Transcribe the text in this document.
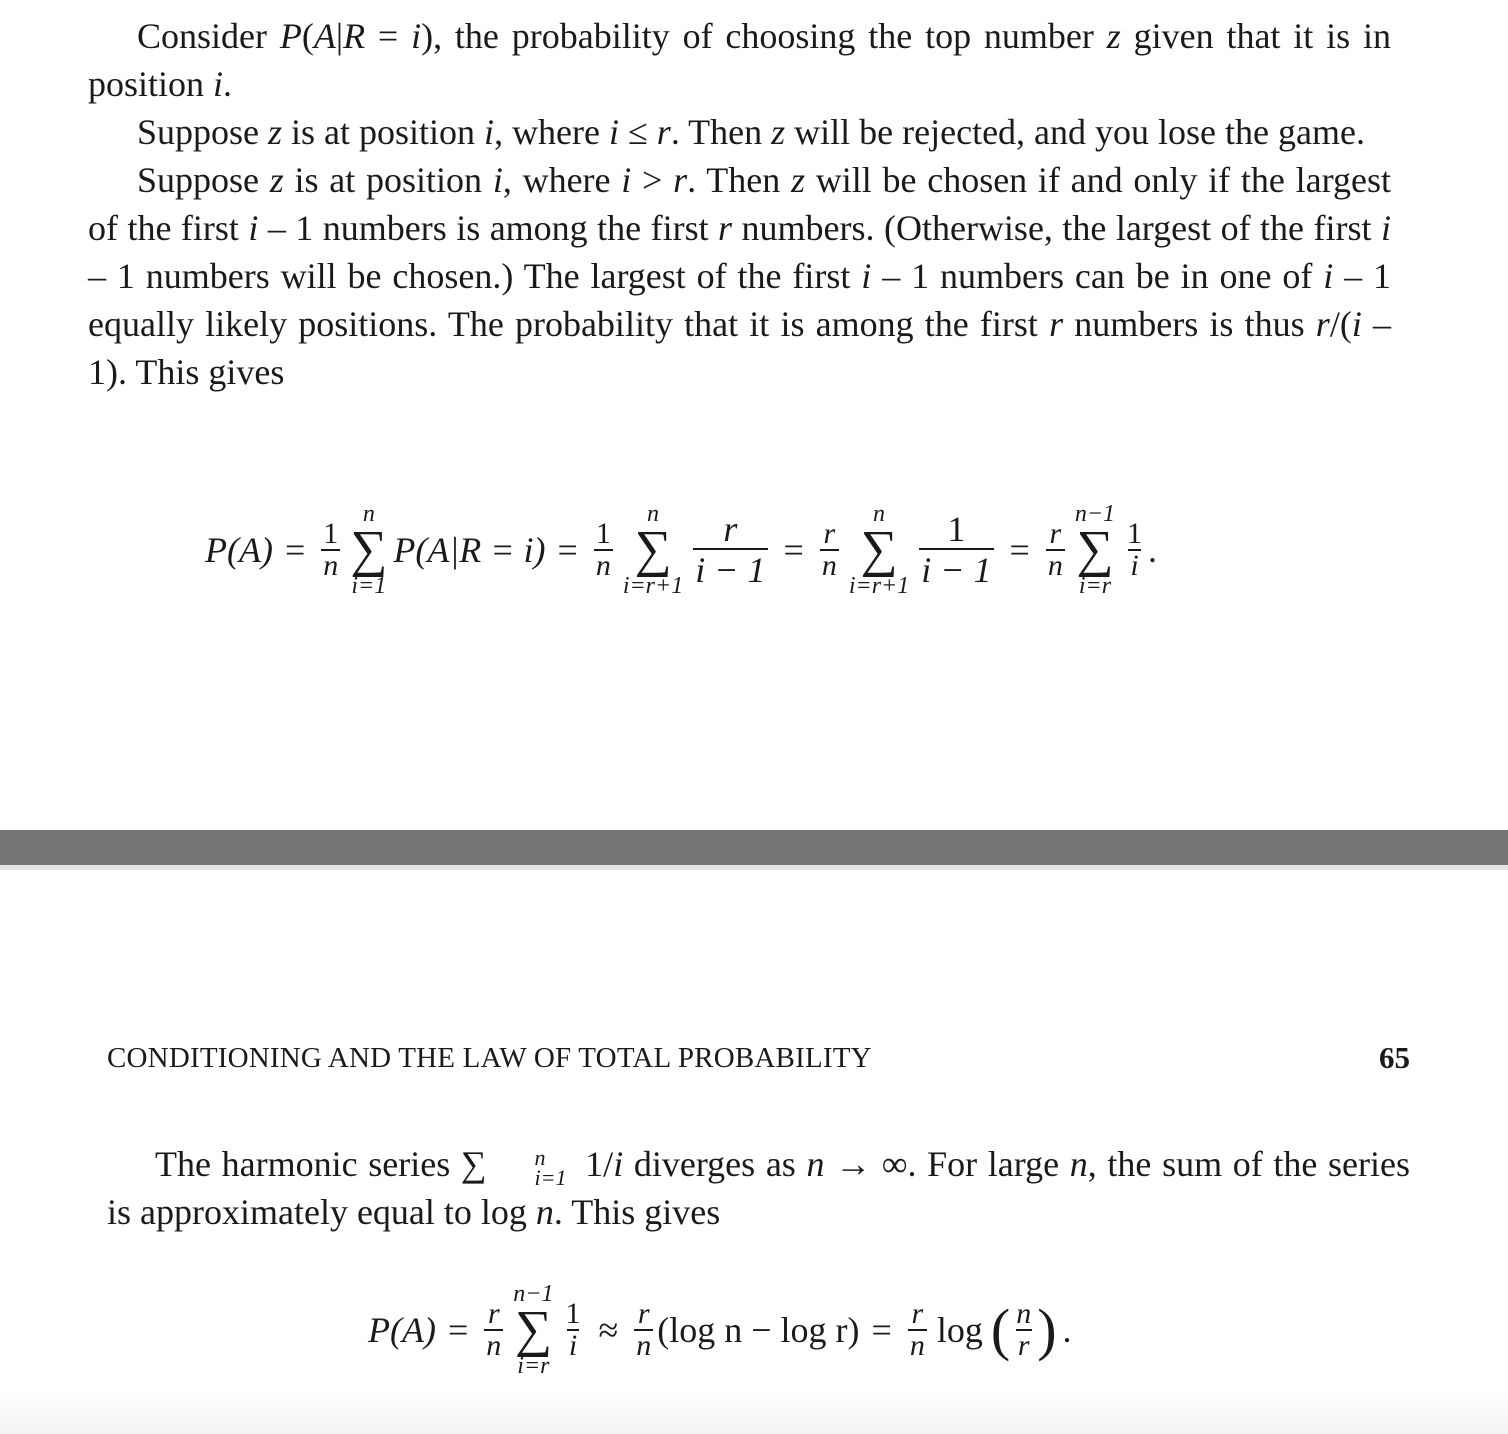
Consider P(A|R = i), the probability of choosing the top number z given that it is in position i.

Suppose z is at position i, where i ≤ r. Then z will be rejected, and you lose the game.

Suppose z is at position i, where i > r. Then z will be chosen if and only if the largest of the first i – 1 numbers is among the first r numbers. (Otherwise, the largest of the first i – 1 numbers will be chosen.) The largest of the first i – 1 numbers can be in one of i – 1 equally likely positions. The probability that it is among the first r numbers is thus r/(i – 1). This gives

$P(A) = \frac{1}{n}$
n
∑
i=1
$P(A|R = i) = \frac{1}{n}$
n
∑
$i=r+1 \frac{r}{i - 1} = \frac{r}{n}$
n
∑
$i=r+1 \frac{1}{i - 1} = \frac{r}{n}$
n−1
∑
i=r
$\frac{1}{i}$ .
CONDITIONING AND THE LAW OF TOTAL PROBABILITY	65

The harmonic series ∑	n
i=1 1/i diverges as n → ∞. For large n, the sum of the series is approximately equal to log n. This gives

$P(A) = \frac{r}{n}$
n−1
∑
i=r
$\frac{1}{i} \approx \frac{r}{n} (\log$ $n - \log r) = \frac{r}{n}$ log ( $\frac{n}{r}$ ) .
